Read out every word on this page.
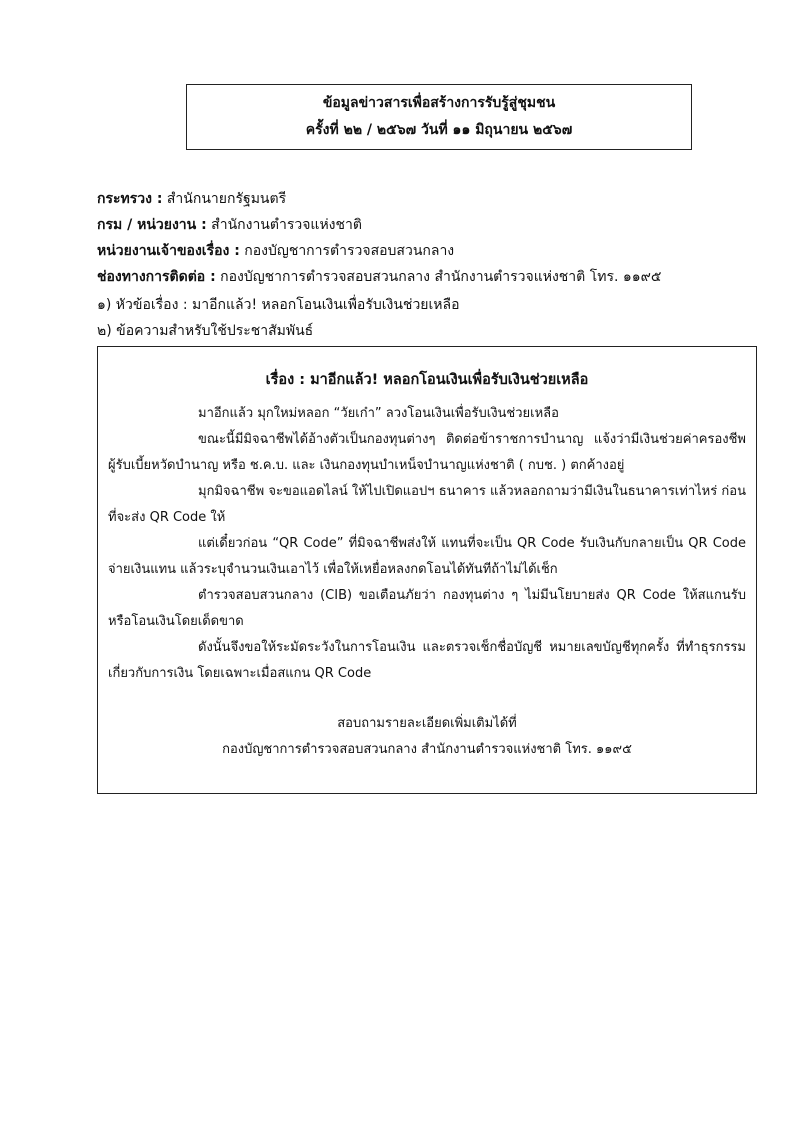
ข้อมูลข่าวสารเพื่อสร้างการรับรู้สู่ชุมชน
ครั้งที่ ๒๒ / ๒๕๖๗ วันที่ ๑๑ มิถุนายน ๒๕๖๗
กระทรวง : สำนักนายกรัฐมนตรี
กรม / หน่วยงาน : สำนักงานตำรวจแห่งชาติ
หน่วยงานเจ้าของเรื่อง : กองบัญชาการตำรวจสอบสวนกลาง
ช่องทางการติดต่อ : กองบัญชาการตำรวจสอบสวนกลาง สำนักงานตำรวจแห่งชาติ โทร. ๑๑๙๕
๑) หัวข้อเรื่อง : มาอีกแล้ว! หลอกโอนเงินเพื่อรับเงินช่วยเหลือ
๒) ข้อความสำหรับใช้ประชาสัมพันธ์
เรื่อง : มาอีกแล้ว! หลอกโอนเงินเพื่อรับเงินช่วยเหลือ

มาอีกแล้ว มุกใหม่หลอก “วัยเก๋า” ลวงโอนเงินเพื่อรับเงินช่วยเหลือ

ขณะนี้มีมิจฉาชีพได้อ้างตัวเป็นกองทุนต่างๆ ติดต่อข้าราชการบำนาญ แจ้งว่ามีเงินช่วยค่าครองชีพผู้รับเบี้ยหวัดบำนาญ หรือ ช.ค.บ. และ เงินกองทุนบำเหน็จบำนาญแห่งชาติ ( กบช. ) ตกค้างอยู่

มุกมิจฉาชีพ จะขอแอดไลน์ ให้ไปเปิดแอปฯ ธนาคาร แล้วหลอกถามว่ามีเงินในธนาคารเท่าไหร่ ก่อนที่จะส่ง QR Code ให้

แต่เดี๋ยวก่อน “QR Code” ที่มิจฉาชีพส่งให้ แทนที่จะเป็น QR Code รับเงินกับกลายเป็น QR Code จ่ายเงินแทน แล้วระบุจำนวนเงินเอาไว้ เพื่อให้เหยื่อหลงกดโอนได้ทันทีถ้าไม่ได้เช็ก

ตำรวจสอบสวนกลาง (CIB) ขอเตือนภัยว่า กองทุนต่าง ๆ ไม่มีนโยบายส่ง QR Code ให้สแกนรับหรือโอนเงินโดยเด็ดขาด

ดังนั้นจึงขอให้ระมัดระวังในการโอนเงิน และตรวจเช็กชื่อบัญชี หมายเลขบัญชีทุกครั้ง ที่ทำธุรกรรมเกี่ยวกับการเงิน โดยเฉพาะเมื่อสแกน QR Code

สอบถามรายละเอียดเพิ่มเติมได้ที่
กองบัญชาการตำรวจสอบสวนกลาง สำนักงานตำรวจแห่งชาติ โทร. ๑๑๙๕
